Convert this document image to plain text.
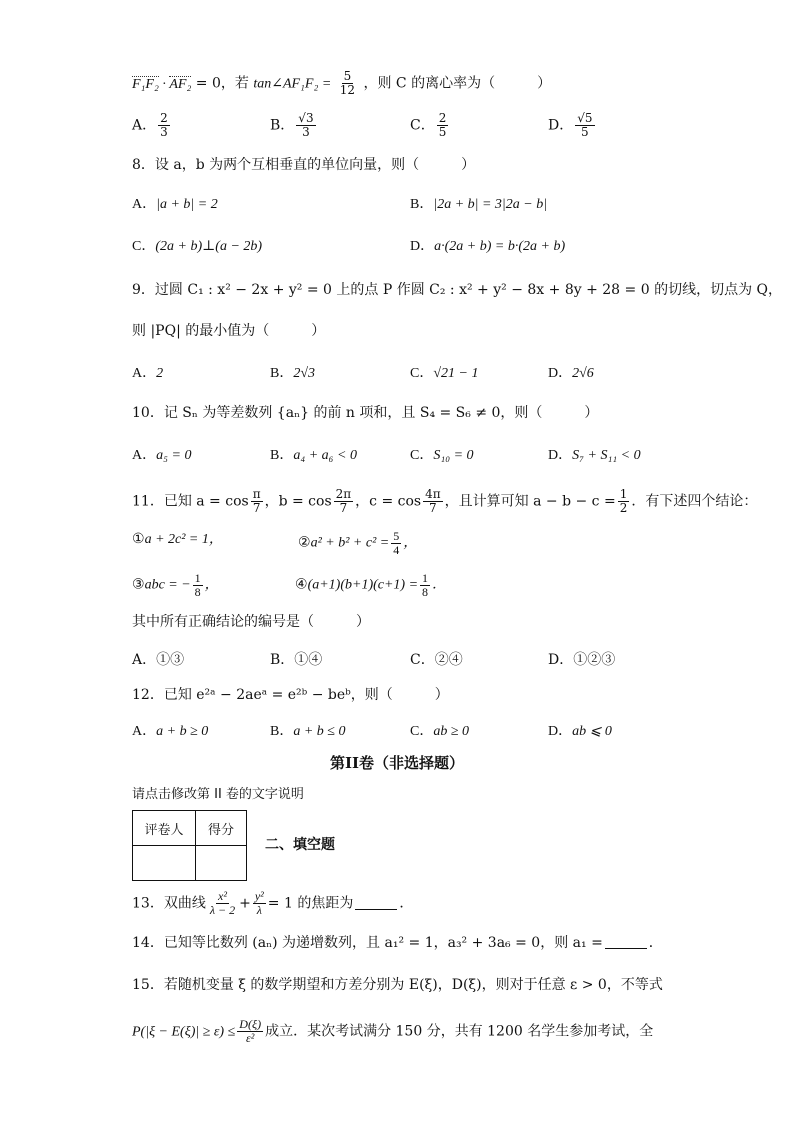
F₁F₂ · AF₂ = 0，若 tan∠AF₁F₂ = $\frac{5}{12}$ ，则 C 的离心率为（　　　）
A． $\frac{2}{3}$	B． $\frac{√3}{3}$	C． $\frac{2}{5}$	D． $\frac{√5}{5}$
8．设 a，b 为两个互相垂直的单位向量，则（　　　）
A．|a + b| = 2	B．|2a + b| = 3|2a − b|
C．(2a + b)⊥(a − 2b)	D．a·(2a + b) = b·(2a + b)
9．过圆 C₁ : x² − 2x + y² = 0 上的点 P 作圆 C₂ : x² + y² − 8x + 8y + 28 = 0 的切线，切点为 Q，
则 |PQ| 的最小值为（　　　）
A．2	B．2√3	C．√21 − 1	D．2√6
10．记 Sₙ 为等差数列 {aₙ} 的前 n 项和，且 S₄ = S₆ ≠ 0，则（　　　）
A．a₅ = 0	B．a₄ + a₆ < 0	C．S₁₀ = 0	D．S₇ + S₁₁ < 0
11．已知 $a = \cos \frac{\pi}{7}$ ，$b = \cos \frac{2\pi}{7}$ ，$c = \cos \frac{4\pi}{7}$ ，且计算可知 $a - b - c = \frac{1}{2}$ ．有下述四个结论：
①a + 2c² = 1，	②a² + $b^2 + c^2 = \frac{5}{4}$ ，
③abc = − $\frac{1}{8}$ ，	④(a+1)(b+1)(c+1) = $\frac{1}{8}$ ．
其中所有正确结论的编号是（　　　）
A．①③	B．①④	C．②④	D．①②③
12．已知 e²ᵃ − 2aeᵃ = e²ᵇ − beᵇ，则（　　　）
A．a + b ≥ 0	B．a + b ≤ 0	C．ab ≥ 0	D．ab ⩽ 0
第II卷（非选择题）
请点击修改第 II 卷的文字说明
评卷人	得分

二、填空题
13．双曲线 $\frac{\text{x²}}{\lambda - 2} + \frac{\text{y²}}{\lambda} = 1$ 的焦距为	．
14．已知等比数列 (aₙ) 为递增数列，且 a₁² = 1，a₃² + 3a₆ = 0，则 a₁ =	．
15．若随机变量 ξ 的数学期望和方差分别为 E(ξ)，D(ξ)，则对于任意 ε > 0，不等式
$P(|\xi - E(\xi)| \ge \varepsilon) \le \frac{D(\xi)}{\text{ε²}}$ 成立．某次考试满分 150 分，共有 1200 名学生参加考试，全
